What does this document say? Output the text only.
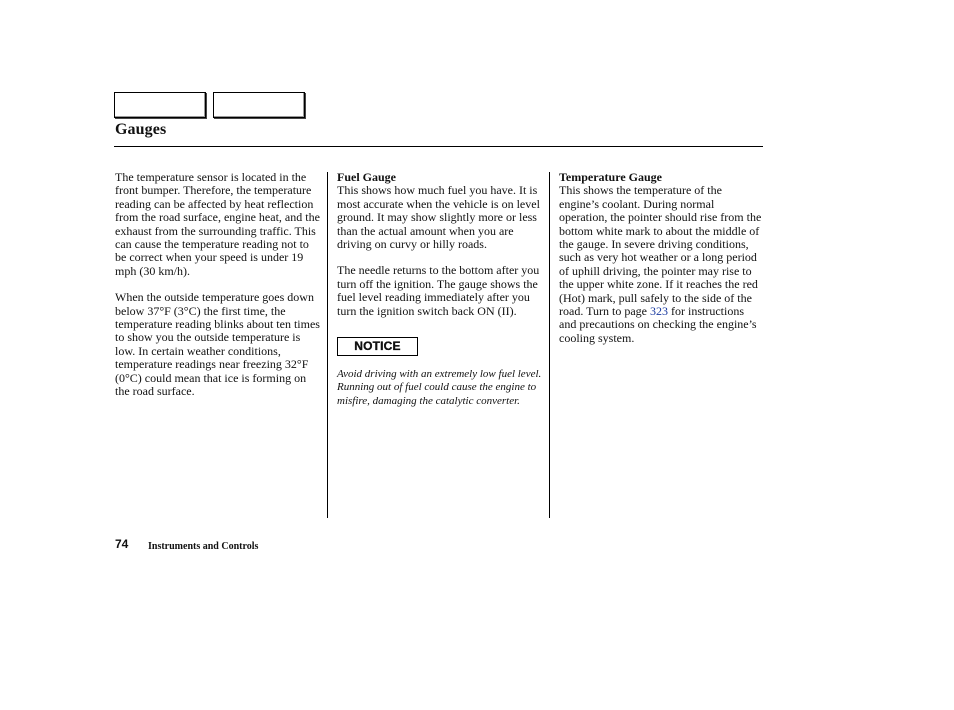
Gauges

The temperature sensor is located in the front bumper. Therefore, the temperature reading can be affected by heat reflection from the road surface, engine heat, and the exhaust from the surrounding traffic. This can cause the temperature reading not to be correct when your speed is under 19 mph (30 km/h).

When the outside temperature goes down below 37°F (3°C) the first time, the temperature reading blinks about ten times to show you the outside temperature is low. In certain weather conditions, temperature readings near freezing 32°F (0°C) could mean that ice is forming on the road surface.

Fuel Gauge
This shows how much fuel you have. It is most accurate when the vehicle is on level ground. It may show slightly more or less than the actual amount when you are driving on curvy or hilly roads.

The needle returns to the bottom after you turn off the ignition. The gauge shows the fuel level reading immediately after you turn the ignition switch back ON (II).

NOTICE

Avoid driving with an extremely low fuel level. Running out of fuel could cause the engine to misfire, damaging the catalytic converter.

Temperature Gauge
This shows the temperature of the engine’s coolant. During normal operation, the pointer should rise from the bottom white mark to about the middle of the gauge. In severe driving conditions, such as very hot weather or a long period of uphill driving, the pointer may rise to the upper white zone. If it reaches the red (Hot) mark, pull safely to the side of the road. Turn to page 323 for instructions and precautions on checking the engine’s cooling system.

74 Instruments and Controls
